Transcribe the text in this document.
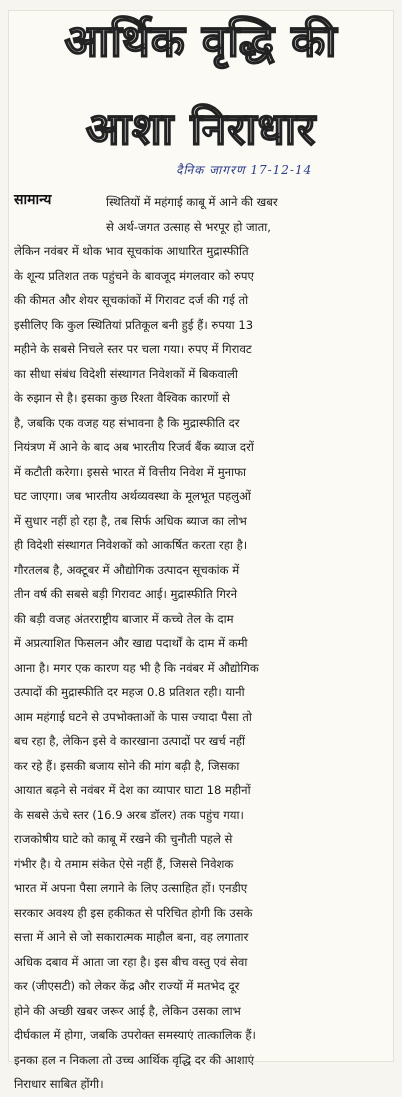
आर्थिक वृद्धि की
आशा निराधार
दैनिक जागरण 17-12-14
सामान्य	स्थितियों में महंगाई काबू में आने की खबर
से अर्थ-जगत उत्साह से भरपूर हो जाता,
लेकिन नवंबर में थोक भाव सूचकांक आधारित मुद्रास्फीति
के शून्य प्रतिशत तक पहुंचने के बावजूद मंगलवार को रुपए
की कीमत और शेयर सूचकांकों में गिरावट दर्ज की गई तो
इसीलिए कि कुल स्थितियां प्रतिकूल बनी हुई हैं। रुपया 13
महीने के सबसे निचले स्तर पर चला गया। रुपए में गिरावट
का सीधा संबंध विदेशी संस्थागत निवेशकों में बिकवाली
के रुझान से है। इसका कुछ रिश्ता वैश्विक कारणों से
है, जबकि एक वजह यह संभावना है कि मुद्रास्फीति दर
नियंत्रण में आने के बाद अब भारतीय रिजर्व बैंक ब्याज दरों
में कटौती करेगा। इससे भारत में वित्तीय निवेश में मुनाफा
घट जाएगा। जब भारतीय अर्थव्यवस्था के मूलभूत पहलुओं
में सुधार नहीं हो रहा है, तब सिर्फ अधिक ब्याज का लोभ
ही विदेशी संस्थागत निवेशकों को आकर्षित करता रहा है।
गौरतलब है, अक्टूबर में औद्योगिक उत्पादन सूचकांक में
तीन वर्ष की सबसे बड़ी गिरावट आई। मुद्रास्फीति गिरने
की बड़ी वजह अंतरराष्ट्रीय बाजार में कच्चे तेल के दाम
में अप्रत्याशित फिसलन और खाद्य पदार्थों के दाम में कमी
आना है। मगर एक कारण यह भी है कि नवंबर में औद्योगिक
उत्पादों की मुद्रास्फीति दर महज 0.8 प्रतिशत रही। यानी
आम महंगाई घटने से उपभोक्ताओं के पास ज्यादा पैसा तो
बच रहा है, लेकिन इसे वे कारखाना उत्पादों पर खर्च नहीं
कर रहे हैं। इसकी बजाय सोने की मांग बढ़ी है, जिसका
आयात बढ़ने से नवंबर में देश का व्यापार घाटा 18 महीनों
के सबसे ऊंचे स्तर (16.9 अरब डॉलर) तक पहुंच गया।
राजकोषीय घाटे को काबू में रखने की चुनौती पहले से
गंभीर है। ये तमाम संकेत ऐसे नहीं हैं, जिससे निवेशक
भारत में अपना पैसा लगाने के लिए उत्साहित हों। एनडीए
सरकार अवश्य ही इस हकीकत से परिचित होगी कि उसके
सत्ता में आने से जो सकारात्मक माहौल बना, वह लगातार
अधिक दबाव में आता जा रहा है। इस बीच वस्तु एवं सेवा
कर (जीएसटी) को लेकर केंद्र और राज्यों में मतभेद दूर
होने की अच्छी खबर जरूर आई है, लेकिन उसका लाभ
दीर्घकाल में होगा, जबकि उपरोक्त समस्याएं तात्कालिक हैं।
इनका हल न निकला तो उच्च आर्थिक वृद्धि दर की आशाएं
निराधार साबित होंगी।
